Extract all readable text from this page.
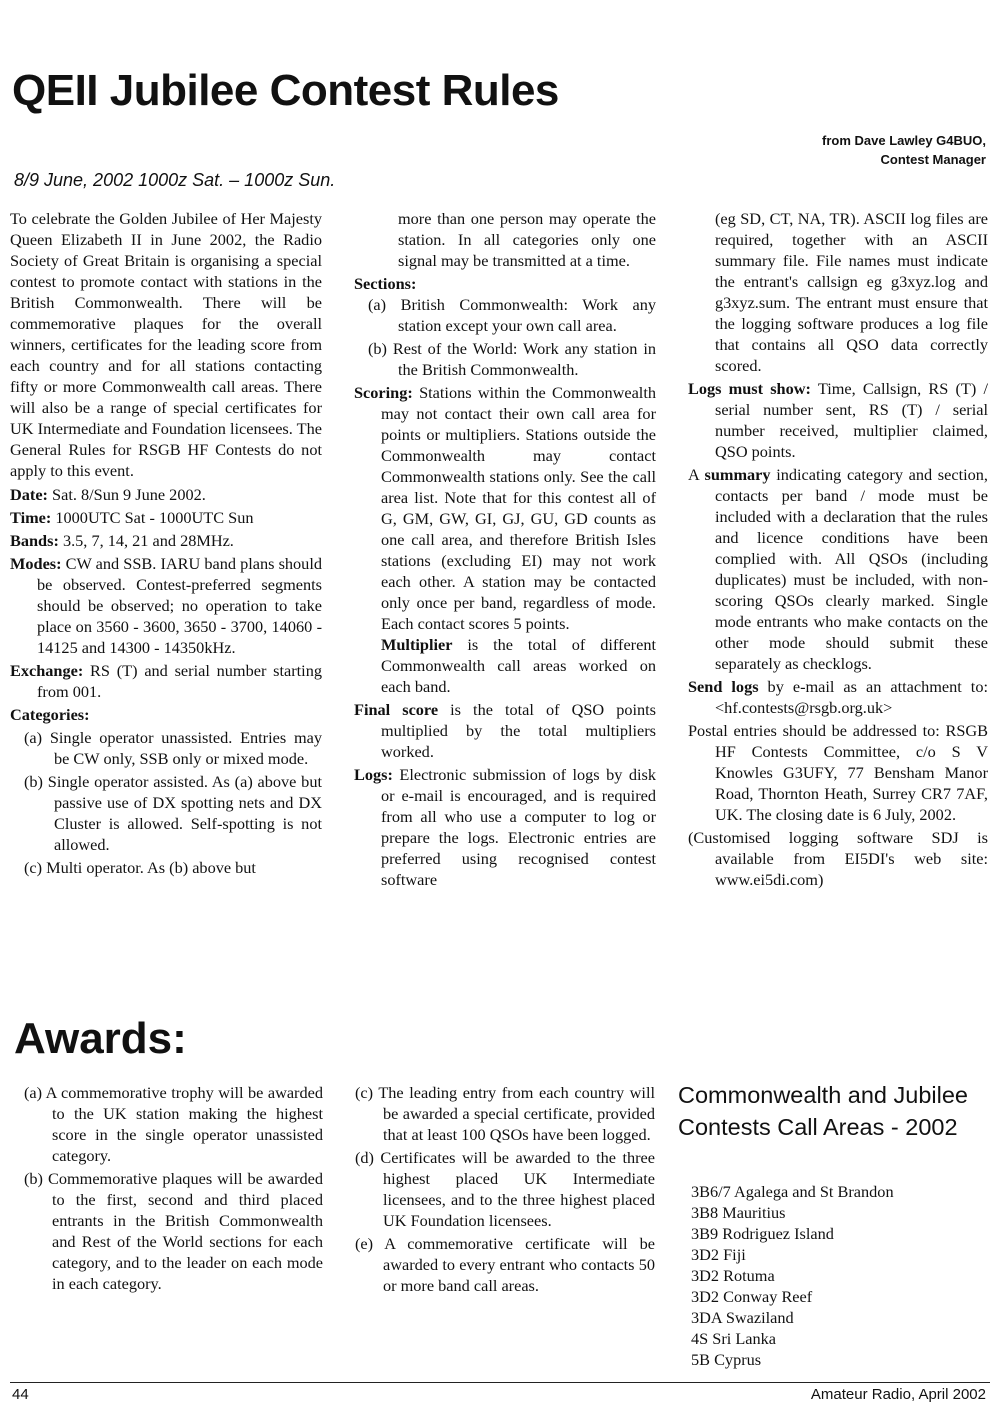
QEII Jubilee Contest Rules
from Dave Lawley G4BUO,
Contest Manager
8/9 June, 2002 1000z Sat. – 1000z Sun.

To celebrate the Golden Jubilee of Her Majesty Queen Elizabeth II in June 2002, the Radio Society of Great Britain is organising a special contest to promote contact with stations in the British Commonwealth. There will be commemorative plaques for the overall winners, certificates for the leading score from each country and for all stations contacting fifty or more Commonwealth call areas. There will also be a range of special certificates for UK Intermediate and Foundation licensees. The General Rules for RSGB HF Contests do not apply to this event.

Date: Sat. 8/Sun 9 June 2002.

Time: 1000UTC Sat - 1000UTC Sun

Bands: 3.5, 7, 14, 21 and 28MHz.

Modes: CW and SSB. IARU band plans should be observed. Contest-preferred segments should be observed; no operation to take place on 3560 - 3600, 3650 - 3700, 14060 - 14125 and 14300 - 14350kHz.

Exchange: RS (T) and serial number starting from 001.

Categories:

(a) Single operator unassisted. Entries may be CW only, SSB only or mixed mode.

(b) Single operator assisted. As (a) above but passive use of DX spotting nets and DX Cluster is allowed. Self-spotting is not allowed.

(c) Multi operator. As (b) above but

more than one person may operate the station. In all categories only one signal may be transmitted at a time.

Sections:

(a) British Commonwealth: Work any station except your own call area.

(b) Rest of the World: Work any station in the British Commonwealth.

Scoring: Stations within the Commonwealth may not contact their own call area for points or multipliers. Stations outside the Commonwealth may contact Commonwealth stations only. See the call area list. Note that for this contest all of G, GM, GW, GI, GJ, GU, GD counts as one call area, and therefore British Isles stations (excluding EI) may not work each other. A station may be contacted only once per band, regardless of mode. Each contact scores 5 points.
Multiplier is the total of different Commonwealth call areas worked on each band.

Final score is the total of QSO points multiplied by the total multipliers worked.

Logs: Electronic submission of logs by disk or e-mail is encouraged, and is required from all who use a computer to log or prepare the logs. Electronic entries are preferred using recognised contest software

(eg SD, CT, NA, TR). ASCII log files are required, together with an ASCII summary file. File names must indicate the entrant's callsign eg g3xyz.log and g3xyz.sum. The entrant must ensure that the logging software produces a log file that contains all QSO data correctly scored.

Logs must show: Time, Callsign, RS (T) / serial number sent, RS (T) / serial number received, multiplier claimed, QSO points.

A summary indicating category and section, contacts per band / mode must be included with a declaration that the rules and licence conditions have been complied with. All QSOs (including duplicates) must be included, with non-scoring QSOs clearly marked. Single mode entrants who make contacts on the other mode should submit these separately as checklogs.

Send logs by e-mail as an attachment to: <hf.contests@rsgb.org.uk>

Postal entries should be addressed to: RSGB HF Contests Committee, c/o S V Knowles G3UFY, 77 Bensham Manor Road, Thornton Heath, Surrey CR7 7AF, UK. The closing date is 6 July, 2002.

(Customised logging software SDJ is available from EI5DI's web site: www.ei5di.com)

Awards:

(a) A commemorative trophy will be awarded to the UK station making the highest score in the single operator unassisted category.

(b) Commemorative plaques will be awarded to the first, second and third placed entrants in the British Commonwealth and Rest of the World sections for each category, and to the leader on each mode in each category.

(c) The leading entry from each country will be awarded a special certificate, provided that at least 100 QSOs have been logged.

(d) Certificates will be awarded to the three highest placed UK Intermediate licensees, and to the three highest placed UK Foundation licensees.

(e) A commemorative certificate will be awarded to every entrant who contacts 50 or more band call areas.

Commonwealth and Jubilee Contests Call Areas - 2002
3B6/7 Agalega and St Brandon
3B8 Mauritius
3B9 Rodriguez Island
3D2 Fiji
3D2 Rotuma
3D2 Conway Reef
3DA Swaziland
4S Sri Lanka
5B Cyprus
44	Amateur Radio, April 2002
